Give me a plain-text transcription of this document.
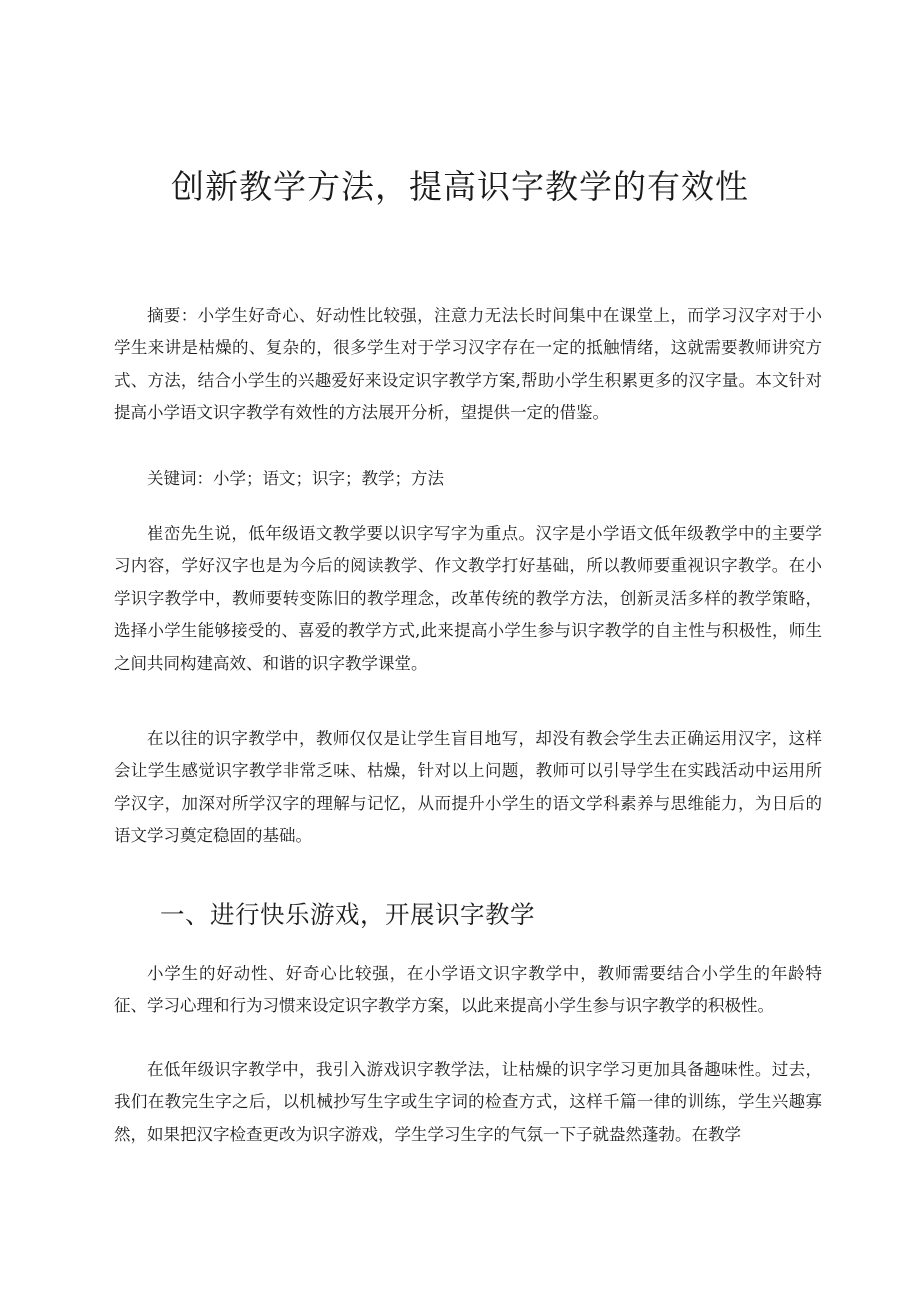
创新教学方法，提高识字教学的有效性

摘要：小学生好奇心、好动性比较强，注意力无法长时间集中在课堂上，而学习汉字对于小学生来讲是枯燥的、复杂的，很多学生对于学习汉字存在一定的抵触情绪，这就需要教师讲究方式、方法，结合小学生的兴趣爱好来设定识字教学方案,帮助小学生积累更多的汉字量。本文针对提高小学语文识字教学有效性的方法展开分析，望提供一定的借鉴。

关键词：小学；语文；识字；教学；方法

崔峦先生说，低年级语文教学要以识字写字为重点。汉字是小学语文低年级教学中的主要学习内容，学好汉字也是为今后的阅读教学、作文教学打好基础，所以教师要重视识字教学。在小学识字教学中，教师要转变陈旧的教学理念，改革传统的教学方法，创新灵活多样的教学策略，选择小学生能够接受的、喜爱的教学方式,此来提高小学生参与识字教学的自主性与积极性，师生之间共同构建高效、和谐的识字教学课堂。

在以往的识字教学中，教师仅仅是让学生盲目地写，却没有教会学生去正确运用汉字，这样会让学生感觉识字教学非常乏味、枯燥，针对以上问题，教师可以引导学生在实践活动中运用所学汉字，加深对所学汉字的理解与记忆，从而提升小学生的语文学科素养与思维能力，为日后的语文学习奠定稳固的基础。

一、进行快乐游戏，开展识字教学

小学生的好动性、好奇心比较强，在小学语文识字教学中，教师需要结合小学生的年龄特征、学习心理和行为习惯来设定识字教学方案，以此来提高小学生参与识字教学的积极性。

在低年级识字教学中，我引入游戏识字教学法，让枯燥的识字学习更加具备趣味性。过去，我们在教完生字之后，以机械抄写生字或生字词的检查方式，这样千篇一律的训练，学生兴趣寡然，如果把汉字检查更改为识字游戏，学生学习生字的气氛一下子就盎然蓬勃。在教学
